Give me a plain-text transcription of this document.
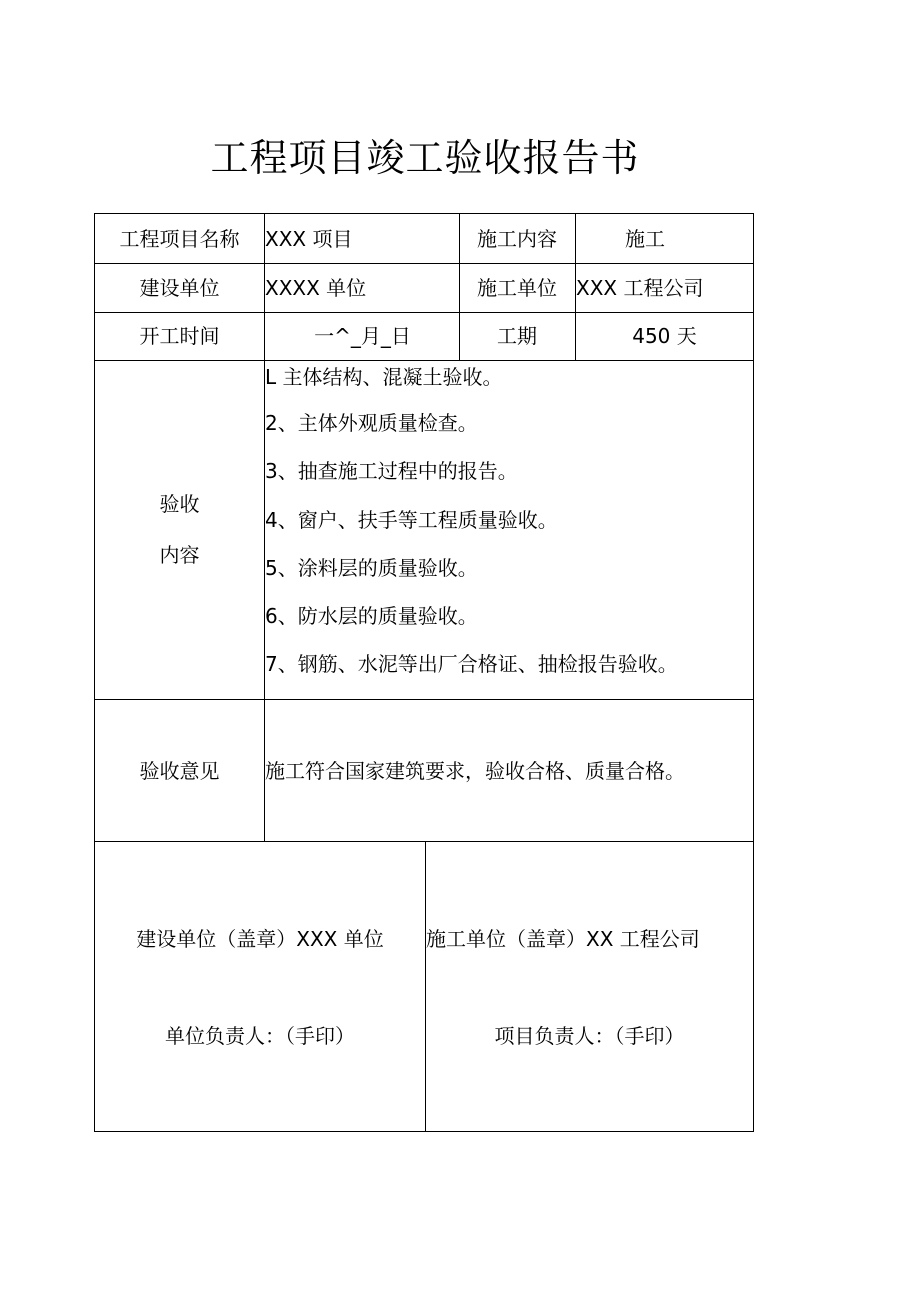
工程项目竣工验收报告书
工程项目名称	XXX 项目	施工内容	施工
建设单位	XXXX 单位	施工单位 XXX 工程公司
开工时间	一^_月_日	工期	450 天
验收
内容
L 主体结构、混凝土验收。
2、主体外观质量检查。
3、抽查施工过程中的报告。
4、窗户、扶手等工程质量验收。
5、涂料层的质量验收。
6、防水层的质量验收。
7、钢筋、水泥等出厂合格证、抽检报告验收。
验收意见	施工符合国家建筑要求，验收合格、质量合格。
建设单位（盖章）XXX 单位
单位负责人：（手印）
施工单位（盖章）XX 工程公司
项目负责人：（手印）
